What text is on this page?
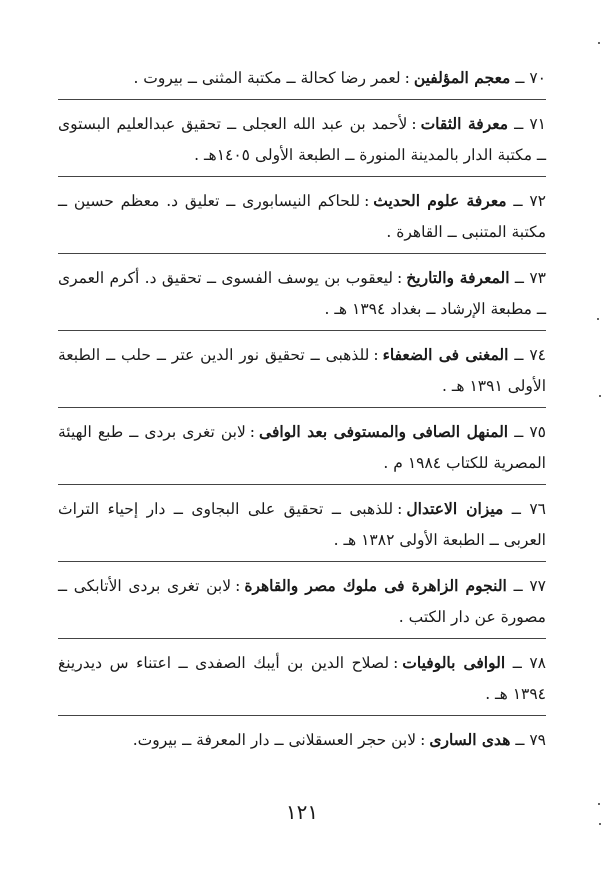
٧٠ ــ معجم المؤلفين:لعمر رضا كحالة ــ مكتبة المثنى ــ بيروت .
٧١ ــ معرفة الثقات:لأحمد بن عبد الله العجلى ــ تحقيق عبدالعليم البستوى ــ مكتبة الدار بالمدينة المنورة ــ الطبعة الأولى ١٤٠٥هـ .
٧٢ ــ معرفة علوم الحديث:للحاكم النيسابورى ــ تعليق د. معظم حسين ــ مكتبة المتنبى ــ القاهرة .
٧٣ ــ المعرفة والتاريخ:ليعقوب بن يوسف الفسوى ــ تحقيق د. أكرم العمرى ــ مطبعة الإرشاد ــ بغداد ١٣٩٤ هـ .
٧٤ ــ المغنى فى الضعفاء:للذهبى ــ تحقيق نور الدين عتر ــ حلب ــ الطبعة الأولى ١٣٩١ هـ .
٧٥ ــ المنهل الصافى والمستوفى بعد الوافى:لابن تغرى بردى ــ طبع الهيئة المصرية للكتاب ١٩٨٤ م .
٧٦ ــ ميزان الاعتدال:للذهبى ــ تحقيق على البجاوى ــ دار إحياء التراث العربى ــ الطبعة الأولى ١٣٨٢ هـ .
٧٧ ــ النجوم الزاهرة فى ملوك مصر والقاهرة:لابن تغرى بردى الأتابكى ــ مصورة عن دار الكتب .
٧٨ ــ الوافى بالوفيات:لصلاح الدين بن أيبك الصفدى ــ اعتناء س ديدرينغ ١٣٩٤ هـ .
٧٩ ــ هدى السارى:لابن حجر العسقلانى ــ دار المعرفة ــ بيروت.
١٢١
